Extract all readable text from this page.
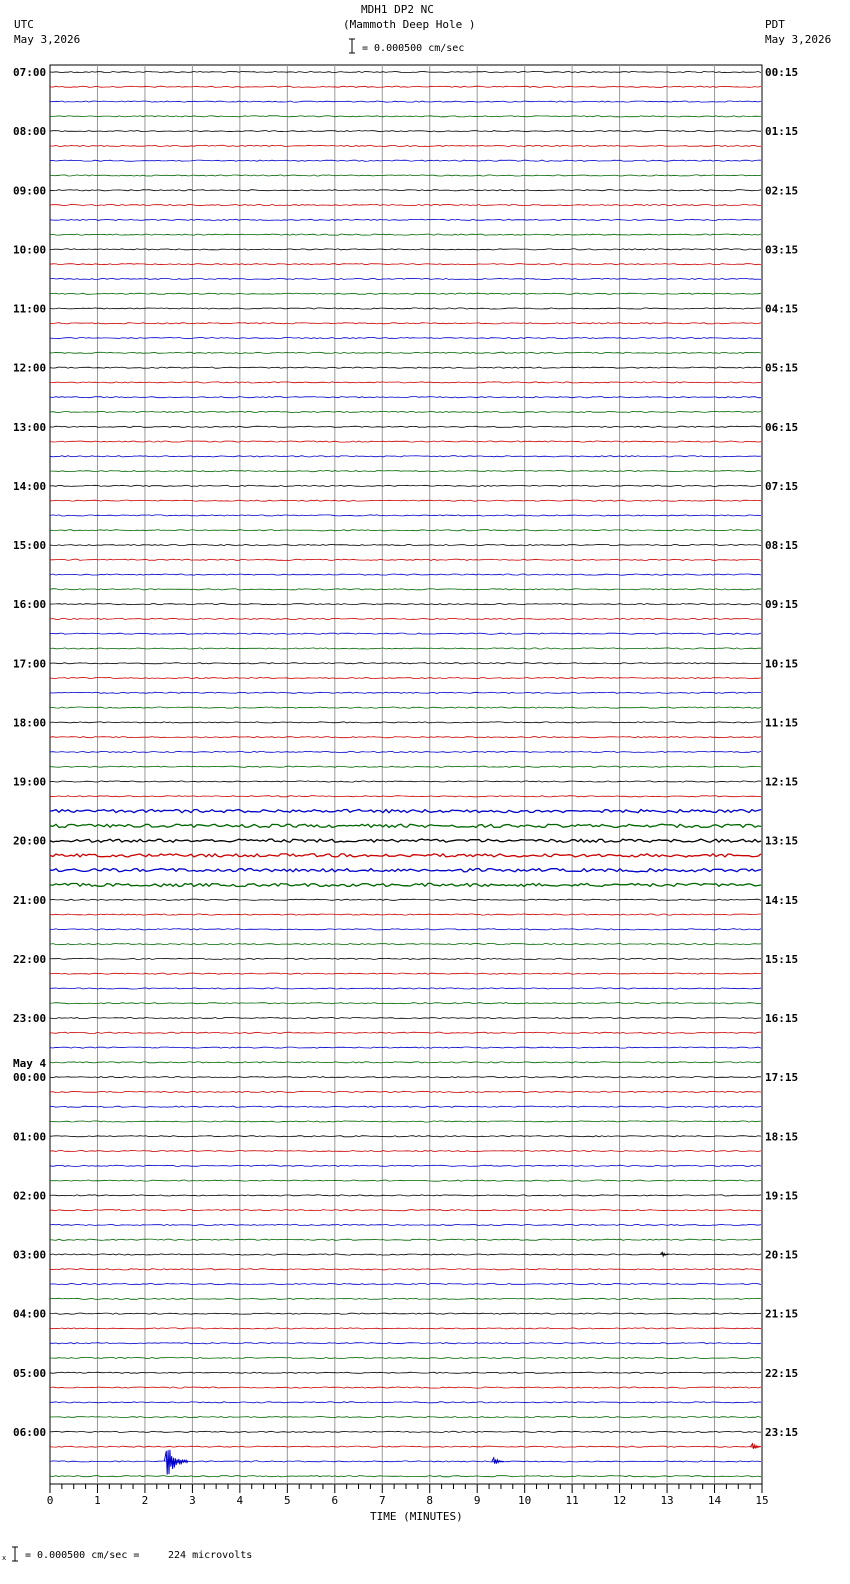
MDH1 DP2 NC
(Mammoth Deep Hole )
UTC
May 3,2026
PDT
May 3,2026
= 0.000500 cm/sec
0	1	2	3	4	5	6	7	8	9	10	11	12	13	14	15
07:00	00:15
08:00	01:15
09:00	02:15
10:00	03:15
11:00	04:15
12:00	05:15
13:00	06:15
14:00	07:15
15:00	08:15
16:00	09:15
17:00	10:15
18:00	11:15
19:00	12:15
20:00	13:15
21:00	14:15
22:00	15:15
23:00	16:15
00:00	17:15
May 4
01:00	18:15
02:00	19:15
03:00	20:15
04:00	21:15
05:00	22:15
06:00	23:15
TIME (MINUTES)
x = 0.000500 cm/sec =	224 microvolts
